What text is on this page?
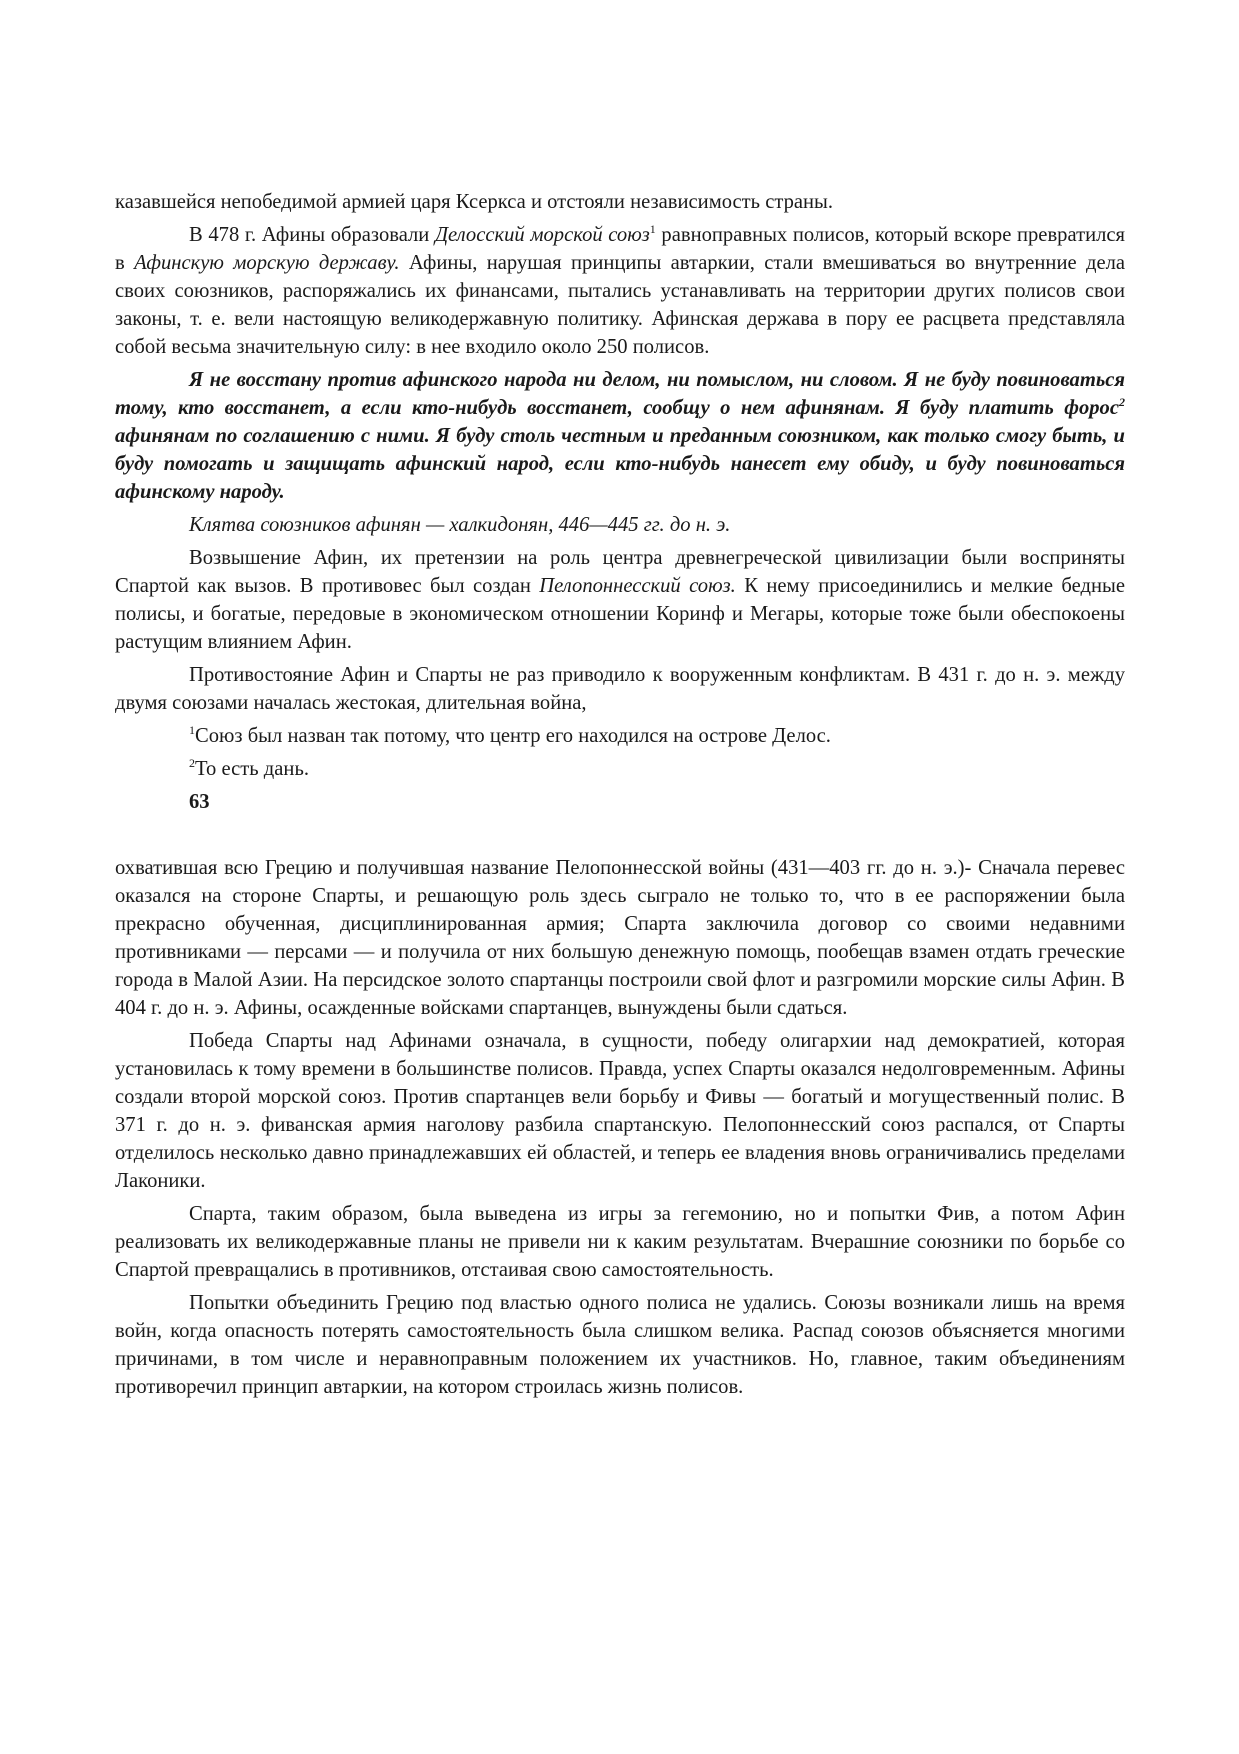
казавшейся непобедимой армией царя Ксеркса и отстояли независимость страны.

В 478 г. Афины образовали Делосский морской союз$^1$ равноправных полисов, который вскоре превратился в Афинскую морскую державу. Афины, нарушая принципы автаркии, стали вмешиваться во внутренние дела своих союзников, распоряжались их финансами, пытались устанавливать на территории других полисов свои законы, т. е. вели настоящую великодержавную политику. Афинская держава в пору ее расцвета представляла собой весьма значительную силу: в нее входило около 250 полисов.

Я не восстану против афинского народа ни делом, ни помыслом, ни словом. Я не буду повиноваться тому, кто восстанет, а если кто-нибудь восстанет, сообщу о нем афинянам. Я буду платить форос$^2$ афинянам по соглашению с ними. Я буду столь честным и преданным союзником, как только смогу быть, и буду помогать и защищать афинский народ, если кто-нибудь нанесет ему обиду, и буду повиноваться афинскому народу.

Клятва союзников афинян — халкидонян, 446—445 гг. до н. э.

Возвышение Афин, их претензии на роль центра древнегреческой цивилизации были восприняты Спартой как вызов. В противовес был создан Пелопоннесский союз. К нему присоединились и мелкие бедные полисы, и богатые, передовые в экономическом отношении Коринф и Мегары, которые тоже были обеспокоены растущим влиянием Афин.

Противостояние Афин и Спарты не раз приводило к вооруженным конфликтам. В 431 г. до н. э. между двумя союзами началась жестокая, длительная война,

$^1$Союз был назван так потому, что центр его находился на острове Делос.

$^2$То есть дань.

63

охватившая всю Грецию и получившая название Пелопоннесской войны (431—403 гг. до н. э.)- Сначала перевес оказался на стороне Спарты, и решающую роль здесь сыграло не только то, что в ее распоряжении была прекрасно обученная, дисциплинированная армия; Спарта заключила договор со своими недавними противниками — персами — и получила от них большую денежную помощь, пообещав взамен отдать греческие города в Малой Азии. На персидское золото спартанцы построили свой флот и разгромили морские силы Афин. В 404 г. до н. э. Афины, осажденные войсками спартанцев, вынуждены были сдаться.

Победа Спарты над Афинами означала, в сущности, победу олигархии над демократией, которая установилась к тому времени в большинстве полисов. Правда, успех Спарты оказался недолговременным. Афины создали второй морской союз. Против спартанцев вели борьбу и Фивы — богатый и могущественный полис. В 371 г. до н. э. фиванская армия наголову разбила спартанскую. Пелопоннесский союз распался, от Спарты отделилось несколько давно принадлежавших ей областей, и теперь ее владения вновь ограничивались пределами Лаконики.

Спарта, таким образом, была выведена из игры за гегемонию, но и попытки Фив, а потом Афин реализовать их великодержавные планы не привели ни к каким результатам. Вчерашние союзники по борьбе со Спартой превращались в противников, отстаивая свою самостоятельность.

Попытки объединить Грецию под властью одного полиса не удались. Союзы возникали лишь на время войн, когда опасность потерять самостоятельность была слишком велика. Распад союзов объясняется многими причинами, в том числе и неравноправным положением их участников. Но, главное, таким объединениям противоречил принцип автаркии, на котором строилась жизнь полисов.
